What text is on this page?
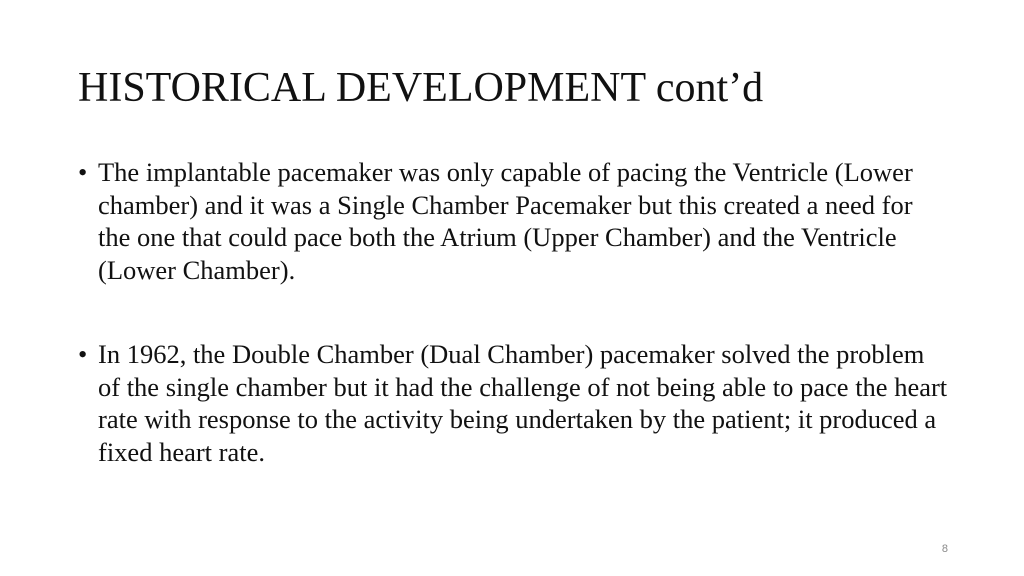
HISTORICAL DEVELOPMENT cont’d
• The implantable pacemaker was only capable of pacing the Ventricle (Lower chamber) and it was a Single Chamber Pacemaker but this created a need for the one that could pace both the Atrium (Upper Chamber) and the Ventricle (Lower Chamber).
• In 1962, the Double Chamber (Dual Chamber) pacemaker solved the problem of the single chamber but it had the challenge of not being able to pace the heart rate with response to the activity being undertaken by the patient; it produced a fixed heart rate.
8
